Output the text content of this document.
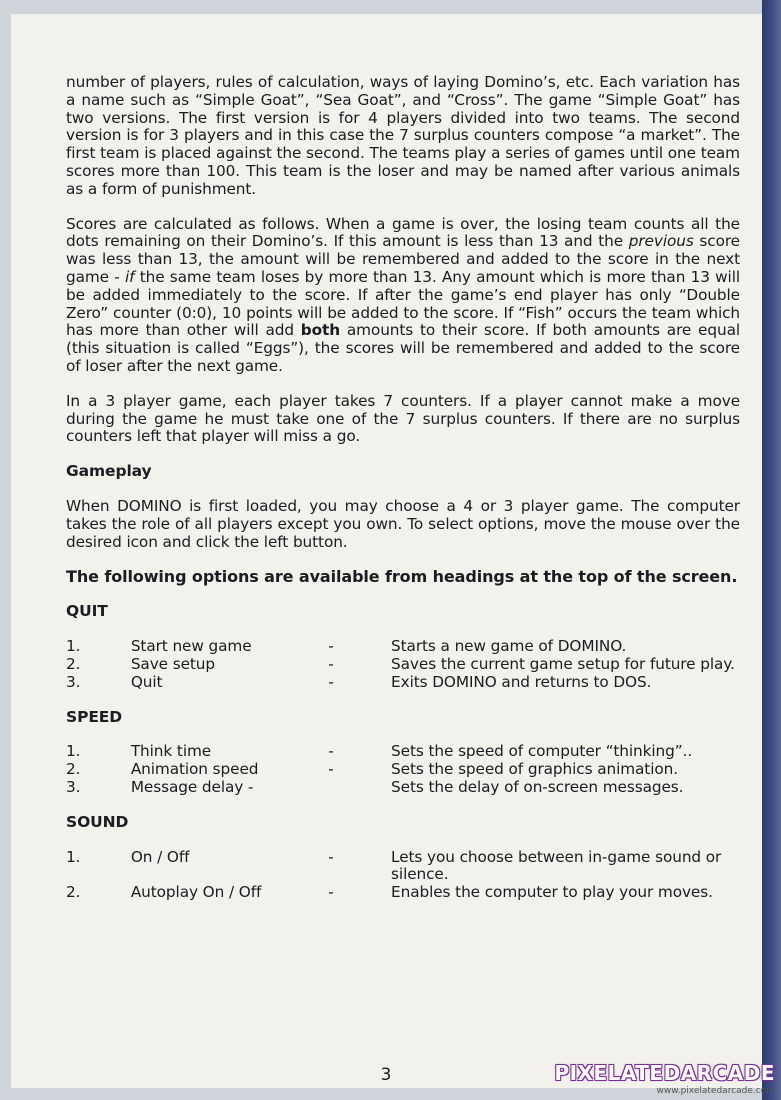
number of players, rules of calculation, ways of laying Domino’s, etc. Each variation has a name such as “Simple Goat”, “Sea Goat”, and “Cross”. The game “Simple Goat” has two versions. The first version is for 4 players divided into two teams. The second version is for 3 players and in this case the 7 surplus counters compose “a market”. The first team is placed against the second. The teams play a series of games until one team scores more than 100. This team is the loser and may be named after various animals as a form of punishment.

Scores are calculated as follows. When a game is over, the losing team counts all the dots remaining on their Domino’s. If this amount is less than 13 and the previous score was less than 13, the amount will be remembered and added to the score in the next game - if the same team loses by more than 13. Any amount which is more than 13 will be added immediately to the score. If after the game’s end player has only “Double Zero” counter (0:0), 10 points will be added to the score. If “Fish” occurs the team which has more than other will add both amounts to their score. If both amounts are equal (this situation is called “Eggs”), the scores will be remembered and added to the score of loser after the next game.

In a 3 player game, each player takes 7 counters. If a player cannot make a move during the game he must take one of the 7 surplus counters. If there are no surplus counters left that player will miss a go.

Gameplay

When DOMINO is first loaded, you may choose a 4 or 3 player game. The computer takes the role of all players except you own. To select options, move the mouse over the desired icon and click the left button.

The following options are available from headings at the top of the screen.
QUIT
1.	Start new game	-	Starts a new game of DOMINO.
2.	Save setup	-	Saves the current game setup for future play.
3.	Quit	-	Exits DOMINO and returns to DOS.
SPEED
1.	Think time	-	Sets the speed of computer “thinking”..
2.	Animation speed	-	Sets the speed of graphics animation.
3.	Message delay -	Sets the delay of on-screen messages.
SOUND
1.	On / Off	-	Lets you choose between in-game sound or silence.
2.	Autoplay On / Off	-	Enables the computer to play your moves.
3	PIXELATEDARCADE
www.pixelatedarcade.com
